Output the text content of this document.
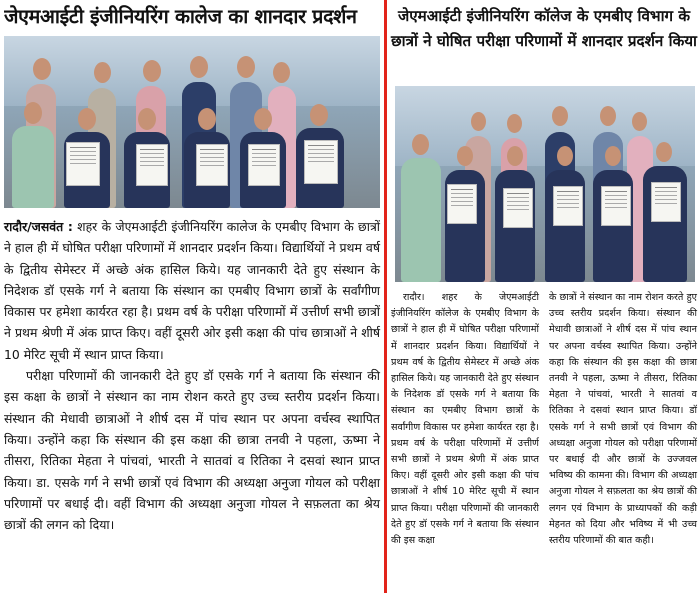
जेएमआईटी इंजीनियरिंग कालेज का शानदार प्रदर्शन

रादौर/जसवंत : शहर के जेएमआईटी इंजीनियरिंग कालेज के एमबीए विभाग के छात्रों ने हाल ही में घोषित परीक्षा परिणामों में शानदार प्रदर्शन किया। विद्यार्थियों ने प्रथम वर्ष के द्वितीय सेमेस्टर में अच्छे अंक हासिल किये। यह जानकारी देते हुए संस्थान के निदेशक डॉ एसके गर्ग ने बताया कि संस्थान का एमबीए विभाग छात्रों के सर्वांगीण विकास पर हमेशा कार्यरत रहा है। प्रथम वर्ष के परीक्षा परिणामों में उत्तीर्ण सभी छात्रों ने प्रथम श्रेणी में अंक प्राप्त किए। वहीं दूसरी ओर इसी कक्षा की पांच छात्राओं ने शीर्ष 10 मेरिट सूची में स्थान प्राप्त किया।

परीक्षा परिणामों की जानकारी देते हुए डॉ एसके गर्ग ने बताया कि संस्थान की इस कक्षा के छात्रों ने संस्थान का नाम रोशन करते हुए उच्च स्तरीय प्रदर्शन किया। संस्थान की मेधावी छात्राओं ने शीर्ष दस में पांच स्थान पर अपना वर्चस्व स्थापित किया। उन्होंने कहा कि संस्थान की इस कक्षा की छात्रा तनवी ने पहला, ऊष्मा ने तीसरा, रितिका मेहता ने पांचवां, भारती ने सातवां व रितिका ने दसवां स्थान प्राप्त किया। डा. एसके गर्ग ने सभी छात्रों एवं विभाग की अध्यक्षा अनुजा गोयल को परीक्षा परिणामों पर बधाई दी। वहीं विभाग की अध्यक्षा अनुजा गोयल ने सफ़लता का श्रेय छात्रों की लगन को दिया।

जेएमआईटी इंजीनियरिंग कॉलेज के एमबीए विभाग के छात्रों ने घोषित परीक्षा परिणामों में शानदार प्रदर्शन किया

रादौर। शहर के जेएमआईटी इंजीनियरिंग कॉलेज के एमबीए विभाग के छात्रों ने हाल ही में घोषित परीक्षा परिणामों में शानदार प्रदर्शन किया। विद्यार्थियों ने प्रथम वर्ष के द्वितीय सेमेस्टर में अच्छे अंक हासिल किये। यह जानकारी देते हुए संस्थान के निदेशक डॉ एसके गर्ग ने बताया कि संस्थान का एमबीए विभाग छात्रों के सर्वांगीण विकास पर हमेशा कार्यरत रहा है। प्रथम वर्ष के परीक्षा परिणामों में उत्तीर्ण सभी छात्रों ने प्रथम श्रेणी में अंक प्राप्त किए। वहीं दूसरी ओर इसी कक्षा की पांच छात्राओं ने शीर्ष 10 मेरिट सूची में स्थान प्राप्त किया। परीक्षा परिणामों की जानकारी देते हुए डॉ एसके गर्ग ने बताया कि संस्थान की इस कक्षा

के छात्रों ने संस्थान का नाम रोशन करते हुए उच्च स्तरीय प्रदर्शन किया। संस्थान की मेधावी छात्राओं ने शीर्ष दस में पांच स्थान पर अपना वर्चस्व स्थापित किया। उन्होंने कहा कि संस्थान की इस कक्षा की छात्रा तनवी ने पहला, ऊष्मा ने तीसरा, रितिका मेहता ने पांचवां, भारती ने सातवां व रितिका ने दसवां स्थान प्राप्त किया। डॉ एसके गर्ग ने सभी छात्रों एवं विभाग की अध्यक्षा अनुजा गोयल को परीक्षा परिणामों पर बधाई दी और छात्रों के उज्जवल भविष्य की कामना की। विभाग की अध्यक्षा अनुजा गोयल ने सफ़लता का श्रेय छात्रों की लगन एवं विभाग के प्राध्यापकों की कड़ी मेहनत को दिया और भविष्य में भी उच्च स्तरीय परिणामों की बात कही।
